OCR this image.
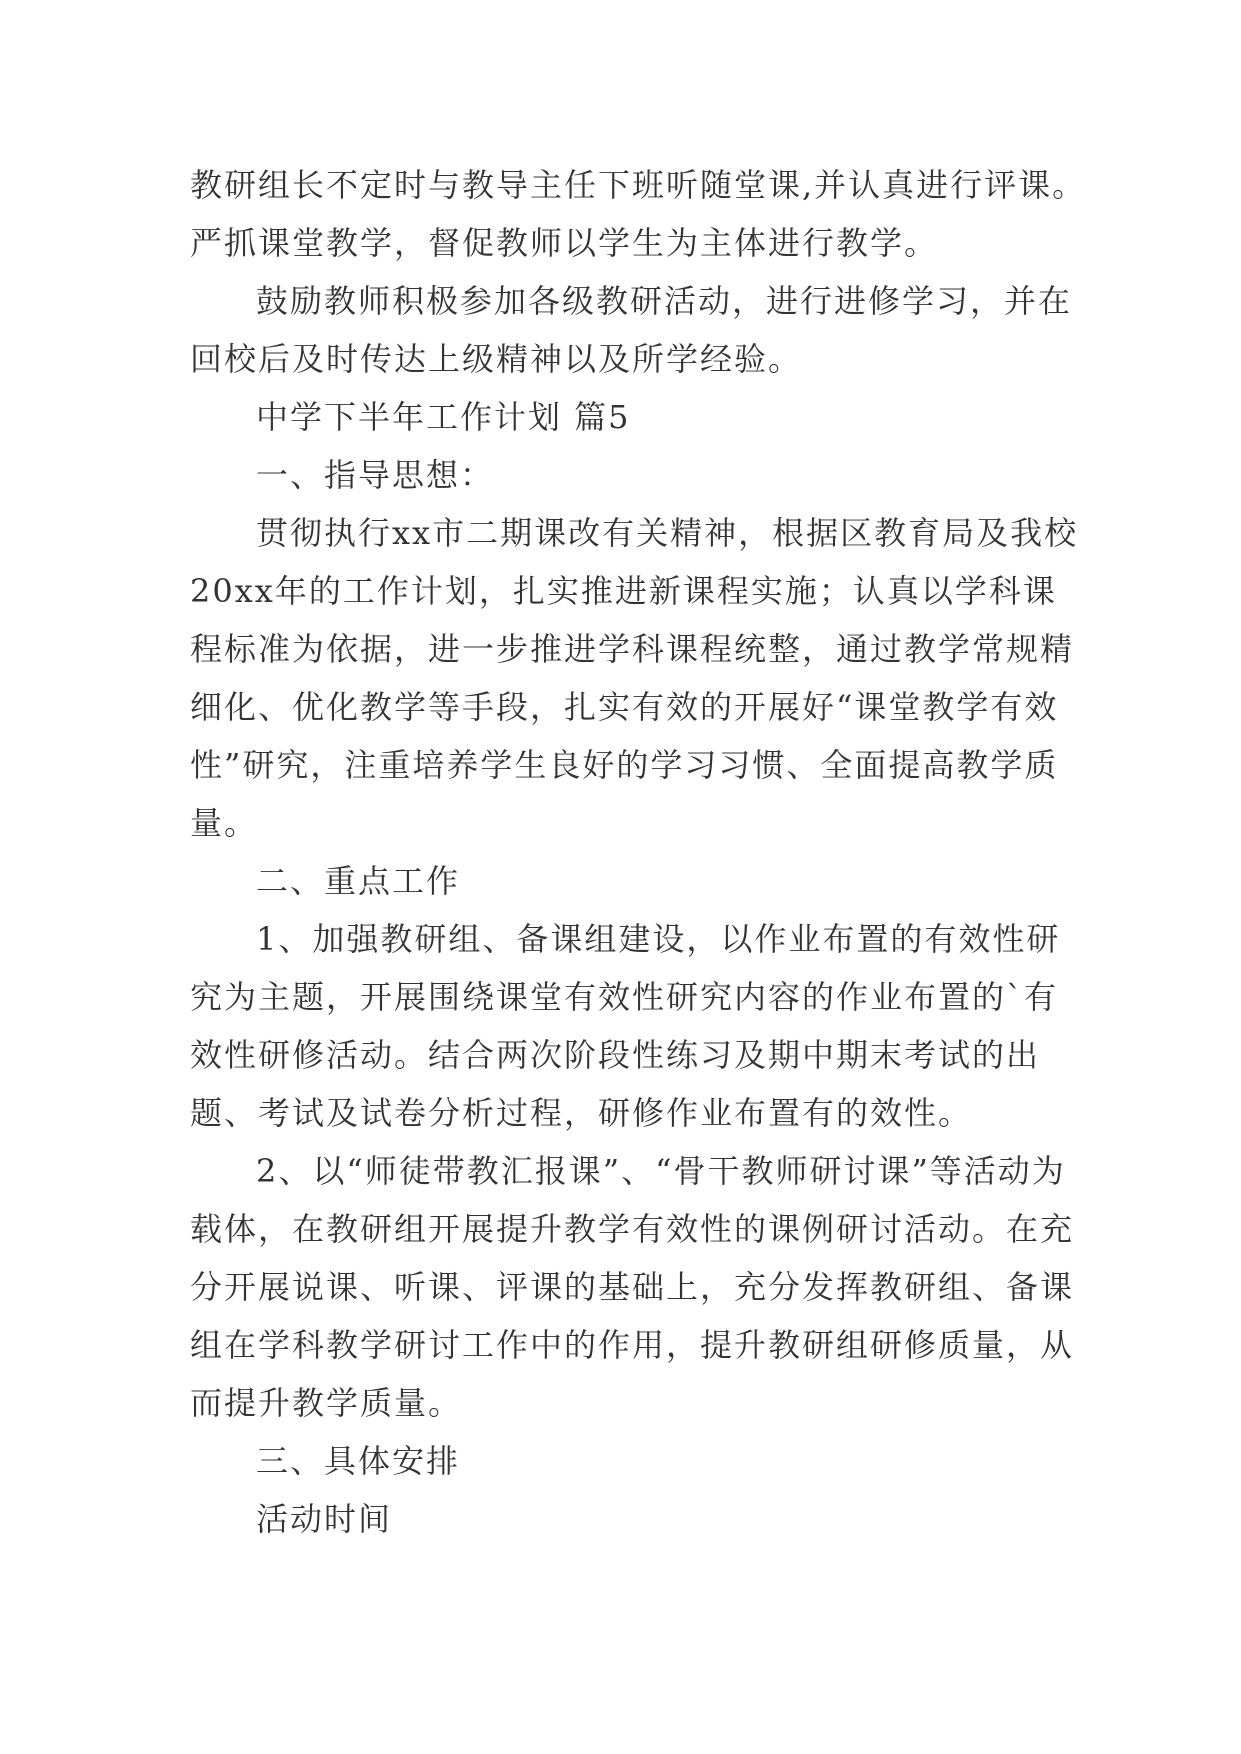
教研组长不定时与教导主任下班听随堂课,并认真进行评课。严抓课堂教学，督促教师以学生为主体进行教学。

鼓励教师积极参加各级教研活动，进行进修学习，并在回校后及时传达上级精神以及所学经验。

中学下半年工作计划 篇5

一、指导思想：

贯彻执行xx市二期课改有关精神，根据区教育局及我校20xx年的工作计划，扎实推进新课程实施；认真以学科课程标准为依据，进一步推进学科课程统整，通过教学常规精细化、优化教学等手段，扎实有效的开展好“课堂教学有效性”研究，注重培养学生良好的学习习惯、全面提高教学质量。

二、重点工作

1、加强教研组、备课组建设，以作业布置的有效性研究为主题，开展围绕课堂有效性研究内容的作业布置的`有效性研修活动。结合两次阶段性练习及期中期末考试的出题、考试及试卷分析过程，研修作业布置有的效性。

2、以“师徒带教汇报课”、“骨干教师研讨课”等活动为载体，在教研组开展提升教学有效性的课例研讨活动。在充分开展说课、听课、评课的基础上，充分发挥教研组、备课组在学科教学研讨工作中的作用，提升教研组研修质量，从而提升教学质量。

三、具体安排

活动时间
